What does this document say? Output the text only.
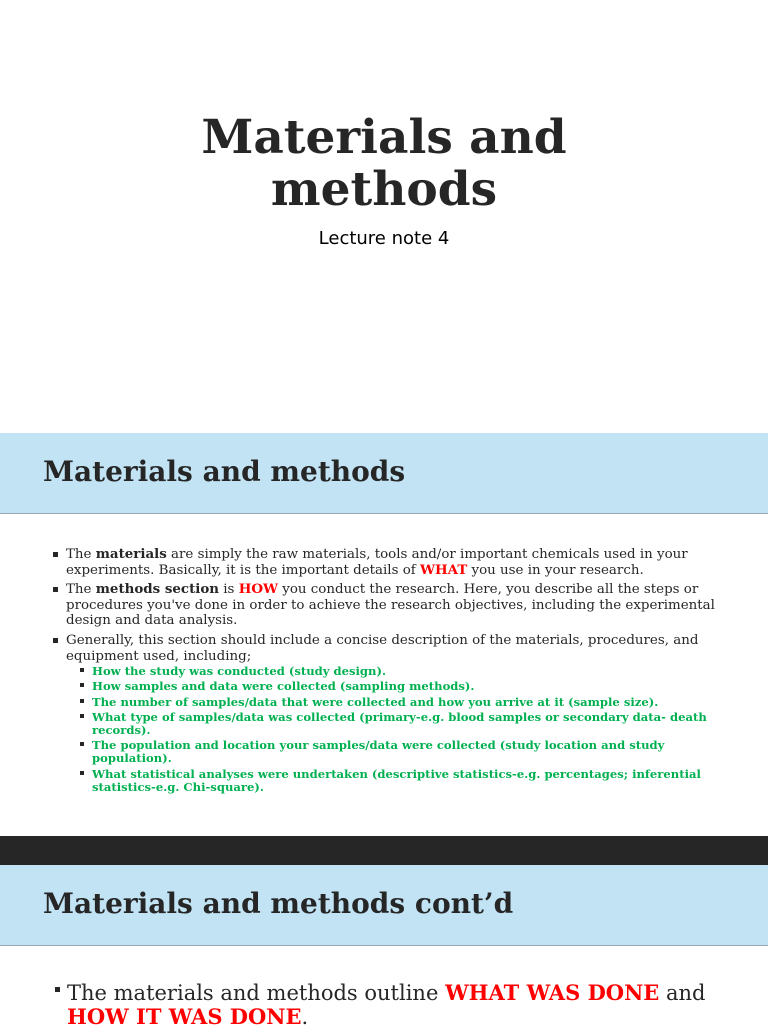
Materials and methods
Lecture note 4
Materials and methods
The materials are simply the raw materials, tools and/or important chemicals used in your experiments. Basically, it is the important details of WHAT you use in your research.
The methods section is HOW you conduct the research. Here, you describe all the steps or procedures you've done in order to achieve the research objectives, including the experimental design and data analysis.
Generally, this section should include a concise description of the materials, procedures, and equipment used, including;
How the study was conducted (study design).
How samples and data were collected (sampling methods).
The number of samples/data that were collected and how you arrive at it (sample size).
What type of samples/data was collected (primary-e.g. blood samples or secondary data- death records).
The population and location your samples/data were collected (study location and study population).
What statistical analyses were undertaken (descriptive statistics-e.g. percentages; inferential statistics-e.g. Chi-square).
Materials and methods cont’d
The materials and methods outline WHAT WAS DONE and HOW IT WAS DONE.
